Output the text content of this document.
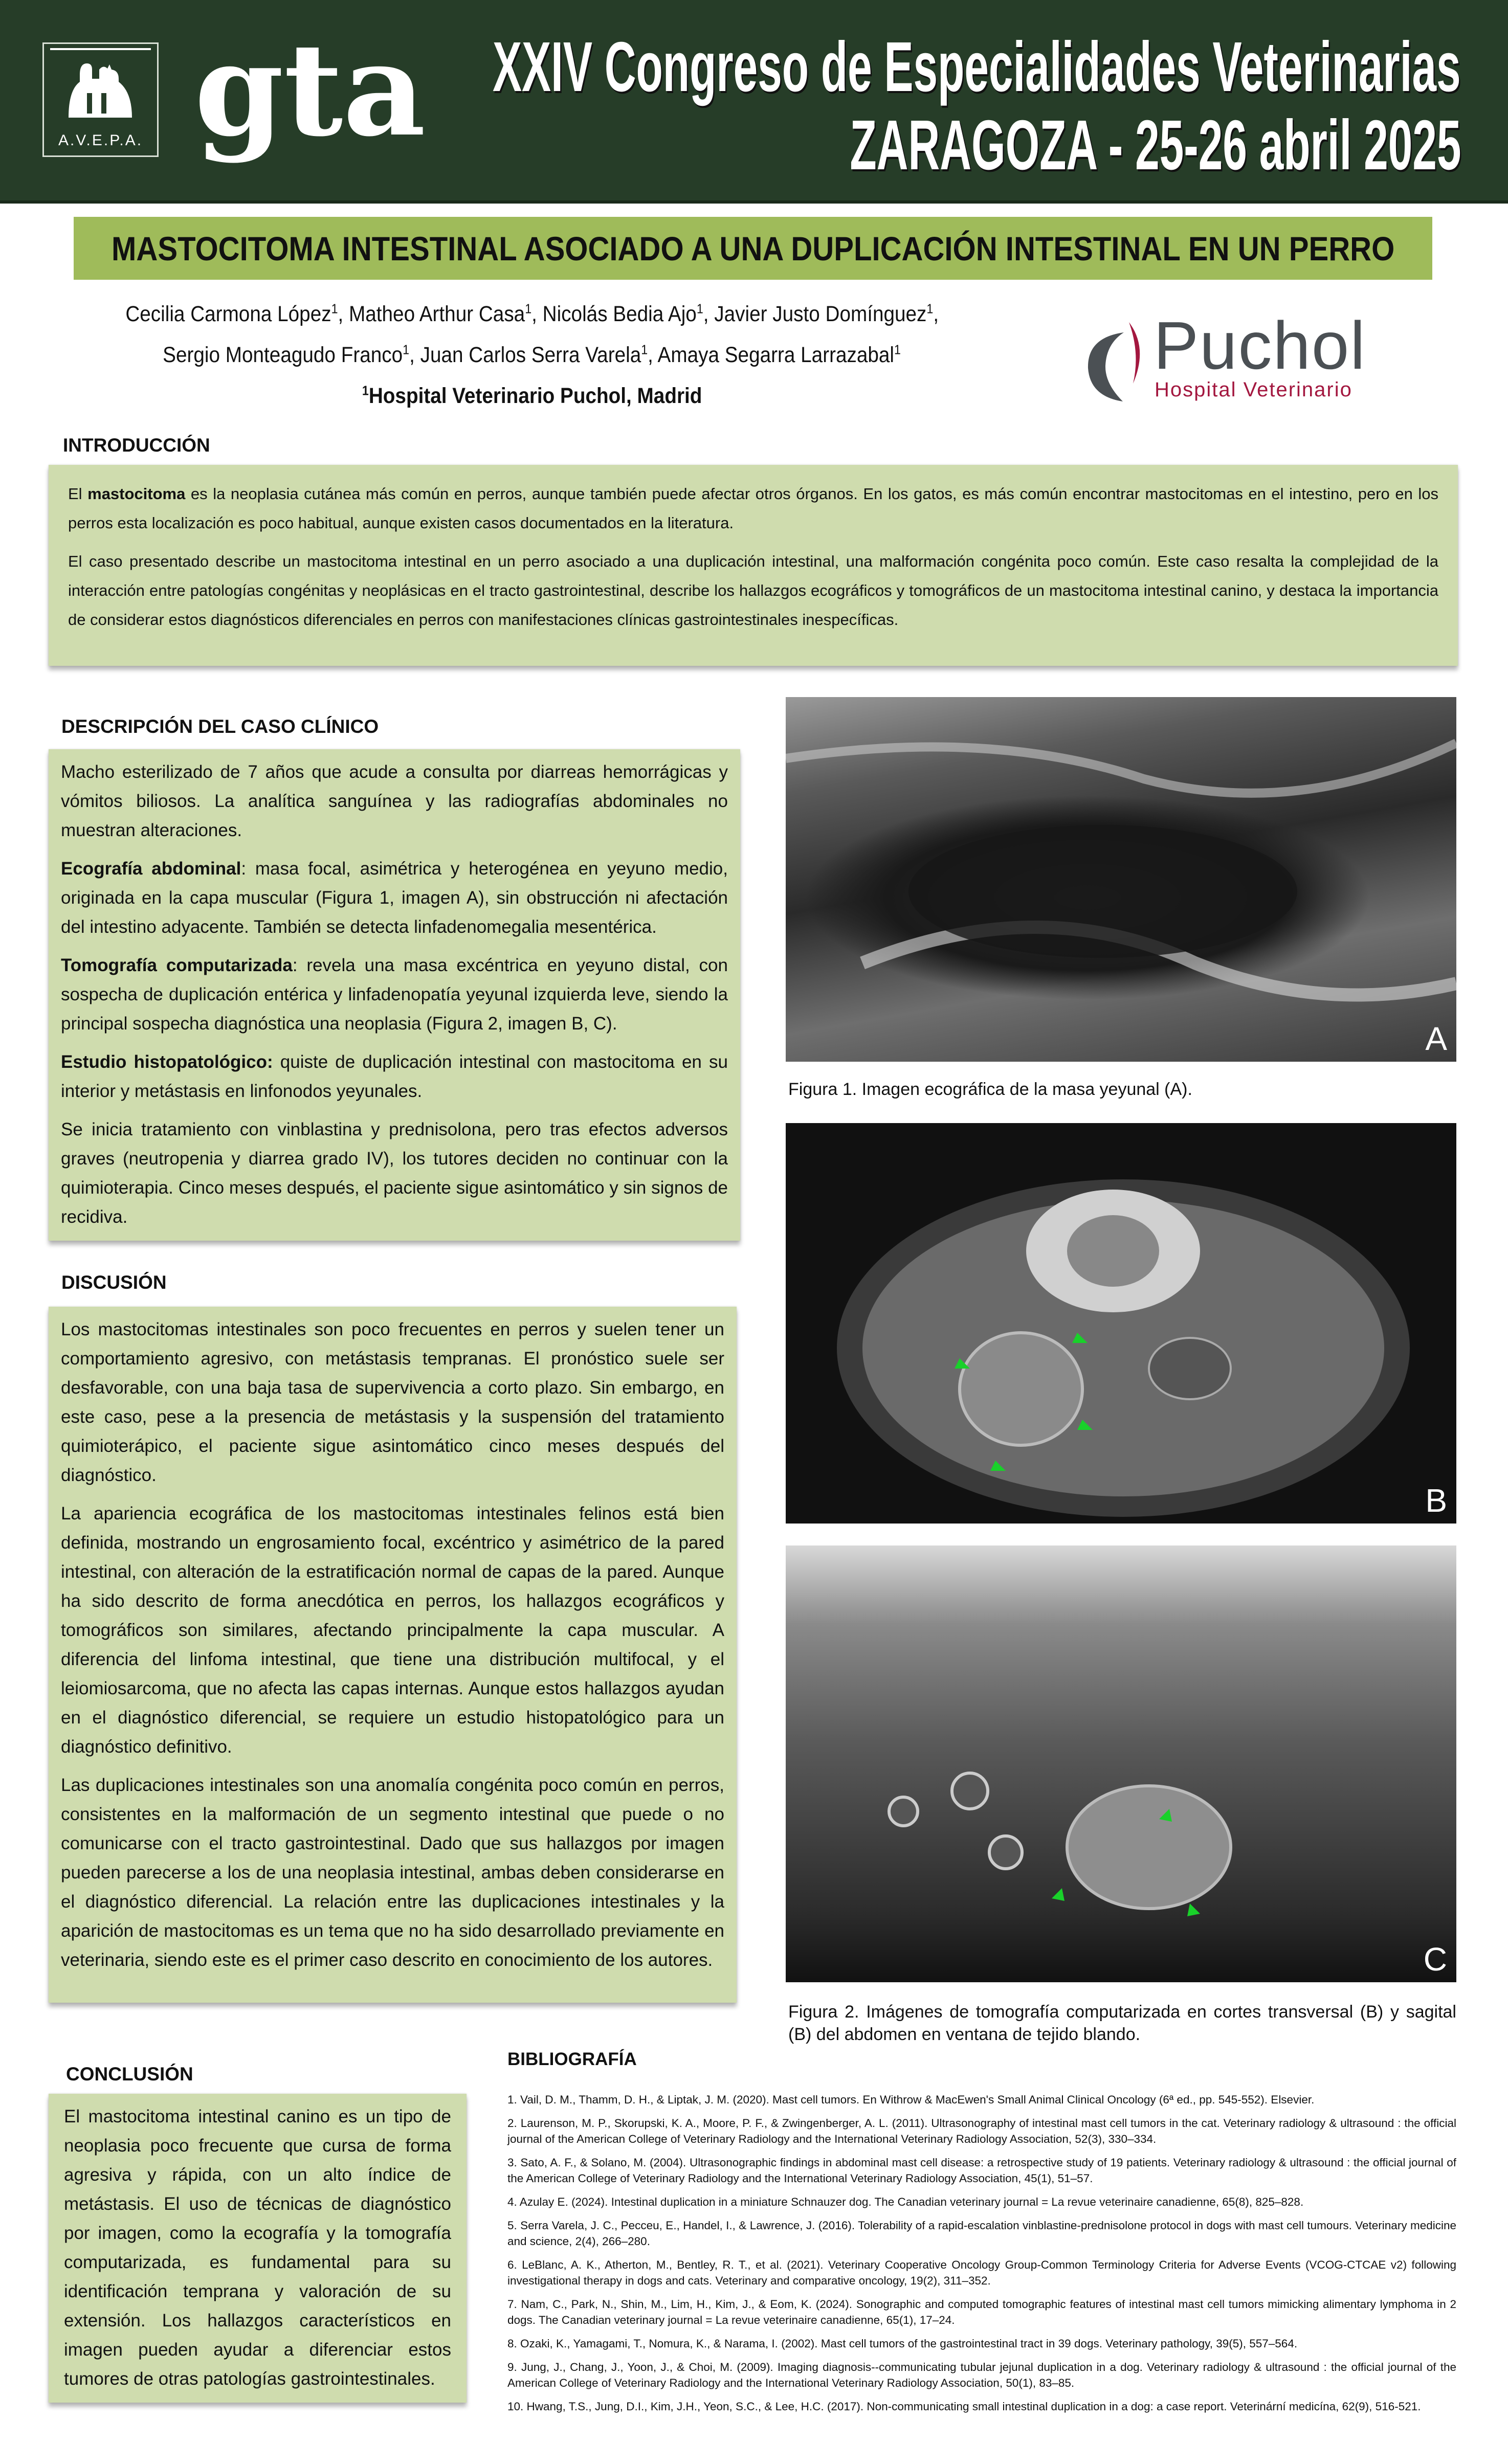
A.V.E.P.A. gta XXIV Congreso de Especialidades Veterinarias
ZARAGOZA - 25-26 abril 2025
MASTOCITOMA INTESTINAL ASOCIADO A UNA DUPLICACIÓN INTESTINAL EN UN PERRO
Cecilia Carmona López$^1$, Matheo Arthur Casa$^1$, Nicolás Bedia Ajo$^1$, Javier Justo Domínguez$^1$,
Sergio Monteagudo Franco$^1$, Juan Carlos Serra Varela$^1$, Amaya Segarra Larrazabal$^1$
$^1$Hospital Veterinario Puchol, Madrid
Puchol
Hospital Veterinario
INTRODUCCIÓN

El mastocitoma es la neoplasia cutánea más común en perros, aunque también puede afectar otros órganos. En los gatos, es más común encontrar mastocitomas en el intestino, pero en los perros esta localización es poco habitual, aunque existen casos documentados en la literatura.

El caso presentado describe un mastocitoma intestinal en un perro asociado a una duplicación intestinal, una malformación congénita poco común. Este caso resalta la complejidad de la interacción entre patologías congénitas y neoplásicas en el tracto gastrointestinal, describe los hallazgos ecográficos y tomográficos de un mastocitoma intestinal canino, y destaca la importancia de considerar estos diagnósticos diferenciales en perros con manifestaciones clínicas gastrointestinales inespecíficas.

DESCRIPCIÓN DEL CASO CLÍNICO

Macho esterilizado de 7 años que acude a consulta por diarreas hemorrágicas y vómitos biliosos. La analítica sanguínea y las radiografías abdominales no muestran alteraciones.

Ecografía abdominal: masa focal, asimétrica y heterogénea en yeyuno medio, originada en la capa muscular (Figura 1, imagen A), sin obstrucción ni afectación del intestino adyacente. También se detecta linfadenomegalia mesentérica.

Tomografía computarizada: revela una masa excéntrica en yeyuno distal, con sospecha de duplicación entérica y linfadenopatía yeyunal izquierda leve, siendo la principal sospecha diagnóstica una neoplasia (Figura 2, imagen B, C).

Estudio histopatológico: quiste de duplicación intestinal con mastocitoma en su interior y metástasis en linfonodos yeyunales.

Se inicia tratamiento con vinblastina y prednisolona, pero tras efectos adversos graves (neutropenia y diarrea grado IV), los tutores deciden no continuar con la quimioterapia. Cinco meses después, el paciente sigue asintomático y sin signos de recidiva.

DISCUSIÓN

Los mastocitomas intestinales son poco frecuentes en perros y suelen tener un comportamiento agresivo, con metástasis tempranas. El pronóstico suele ser desfavorable, con una baja tasa de supervivencia a corto plazo. Sin embargo, en este caso, pese a la presencia de metástasis y la suspensión del tratamiento quimioterápico, el paciente sigue asintomático cinco meses después del diagnóstico.

La apariencia ecográfica de los mastocitomas intestinales felinos está bien definida, mostrando un engrosamiento focal, excéntrico y asimétrico de la pared intestinal, con alteración de la estratificación normal de capas de la pared. Aunque ha sido descrito de forma anecdótica en perros, los hallazgos ecográficos y tomográficos son similares, afectando principalmente la capa muscular. A diferencia del linfoma intestinal, que tiene una distribución multifocal, y el leiomiosarcoma, que no afecta las capas internas. Aunque estos hallazgos ayudan en el diagnóstico diferencial, se requiere un estudio histopatológico para un diagnóstico definitivo.

Las duplicaciones intestinales son una anomalía congénita poco común en perros, consistentes en la malformación de un segmento intestinal que puede o no comunicarse con el tracto gastrointestinal. Dado que sus hallazgos por imagen pueden parecerse a los de una neoplasia intestinal, ambas deben considerarse en el diagnóstico diferencial. La relación entre las duplicaciones intestinales y la aparición de mastocitomas es un tema que no ha sido desarrollado previamente en veterinaria, siendo este es el primer caso descrito en conocimiento de los autores.

CONCLUSIÓN

El mastocitoma intestinal canino es un tipo de neoplasia poco frecuente que cursa de forma agresiva y rápida, con un alto índice de metástasis. El uso de técnicas de diagnóstico por imagen, como la ecografía y la tomografía computarizada, es fundamental para su identificación temprana y valoración de su extensión. Los hallazgos característicos en imagen pueden ayudar a diferenciar estos tumores de otras patologías gastrointestinales.

A
Figura 1. Imagen ecográfica de la masa yeyunal (A).
B
C
Figura 2. Imágenes de tomografía computarizada en cortes transversal (B) y sagital (B) del abdomen en ventana de tejido blando.
BIBLIOGRAFÍA
1. Vail, D. M., Thamm, D. H., & Liptak, J. M. (2020). Mast cell tumors. En Withrow & MacEwen's Small Animal Clinical Oncology (6ª ed., pp. 545-552). Elsevier.
2. Laurenson, M. P., Skorupski, K. A., Moore, P. F., & Zwingenberger, A. L. (2011). Ultrasonography of intestinal mast cell tumors in the cat. Veterinary radiology & ultrasound : the official journal of the American College of Veterinary Radiology and the International Veterinary Radiology Association, 52(3), 330–334.
3. Sato, A. F., & Solano, M. (2004). Ultrasonographic findings in abdominal mast cell disease: a retrospective study of 19 patients. Veterinary radiology & ultrasound : the official journal of the American College of Veterinary Radiology and the International Veterinary Radiology Association, 45(1), 51–57.
4. Azulay E. (2024). Intestinal duplication in a miniature Schnauzer dog. The Canadian veterinary journal = La revue veterinaire canadienne, 65(8), 825–828.
5. Serra Varela, J. C., Pecceu, E., Handel, I., & Lawrence, J. (2016). Tolerability of a rapid-escalation vinblastine-prednisolone protocol in dogs with mast cell tumours. Veterinary medicine and science, 2(4), 266–280.
6. LeBlanc, A. K., Atherton, M., Bentley, R. T., et al. (2021). Veterinary Cooperative Oncology Group-Common Terminology Criteria for Adverse Events (VCOG-CTCAE v2) following investigational therapy in dogs and cats. Veterinary and comparative oncology, 19(2), 311–352.
7. Nam, C., Park, N., Shin, M., Lim, H., Kim, J., & Eom, K. (2024). Sonographic and computed tomographic features of intestinal mast cell tumors mimicking alimentary lymphoma in 2 dogs. The Canadian veterinary journal = La revue veterinaire canadienne, 65(1), 17–24.
8. Ozaki, K., Yamagami, T., Nomura, K., & Narama, I. (2002). Mast cell tumors of the gastrointestinal tract in 39 dogs. Veterinary pathology, 39(5), 557–564.
9. Jung, J., Chang, J., Yoon, J., & Choi, M. (2009). Imaging diagnosis--communicating tubular jejunal duplication in a dog. Veterinary radiology & ultrasound : the official journal of the American College of Veterinary Radiology and the International Veterinary Radiology Association, 50(1), 83–85.
10. Hwang, T.S., Jung, D.I., Kim, J.H., Yeon, S.C., & Lee, H.C. (2017). Non-communicating small intestinal duplication in a dog: a case report. Veterinární medicína, 62(9), 516-521.
